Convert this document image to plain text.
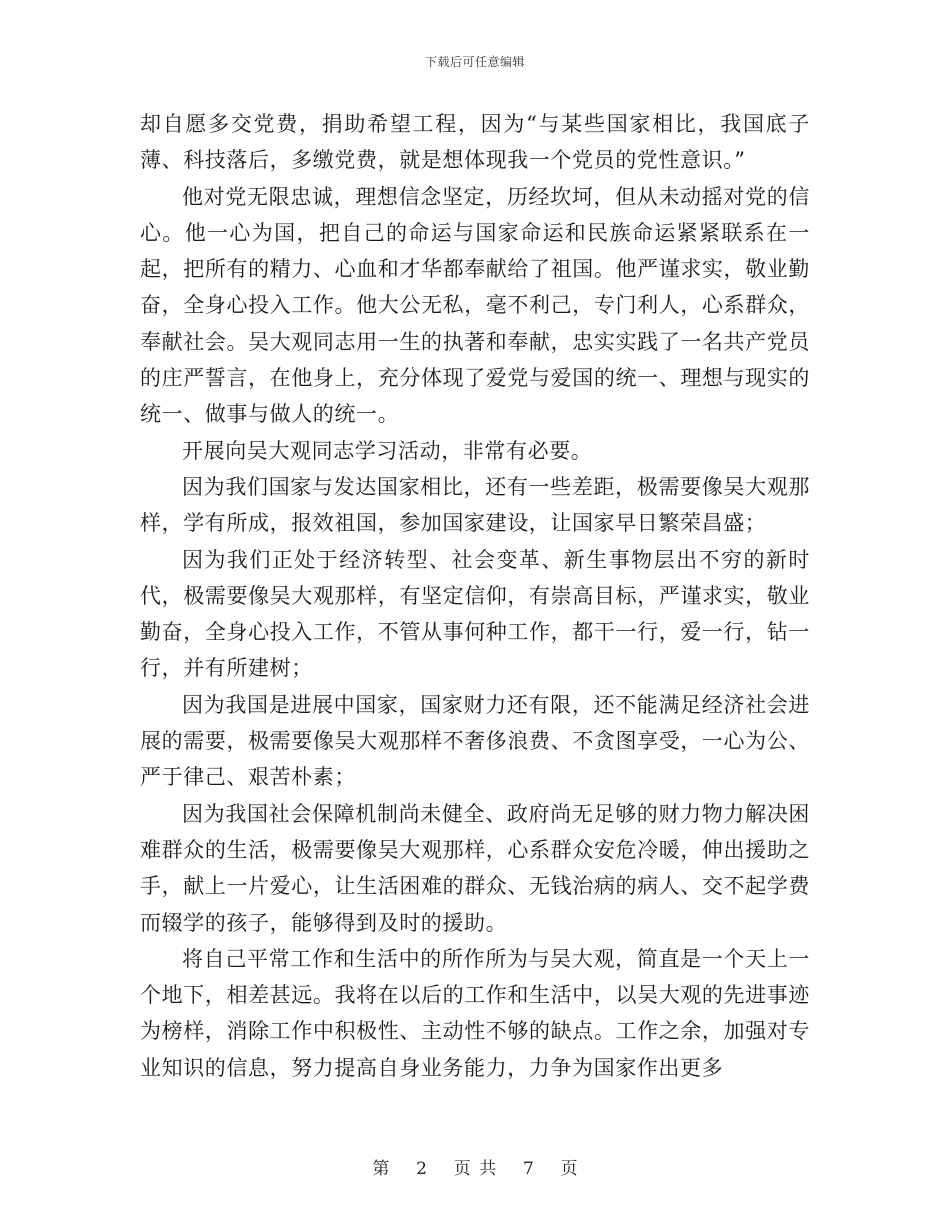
下载后可任意编辑

却自愿多交党费，捐助希望工程，因为“与某些国家相比，我国底子薄、科技落后，多缴党费，就是想体现我一个党员的党性意识。”

他对党无限忠诚，理想信念坚定，历经坎坷，但从未动摇对党的信心。他一心为国，把自己的命运与国家命运和民族命运紧紧联系在一起，把所有的精力、心血和才华都奉献给了祖国。他严谨求实，敬业勤奋，全身心投入工作。他大公无私，毫不利己，专门利人，心系群众，奉献社会。吴大观同志用一生的执著和奉献，忠实实践了一名共产党员的庄严誓言，在他身上，充分体现了爱党与爱国的统一、理想与现实的统一、做事与做人的统一。

开展向吴大观同志学习活动，非常有必要。

因为我们国家与发达国家相比，还有一些差距，极需要像吴大观那样，学有所成，报效祖国，参加国家建设，让国家早日繁荣昌盛；

因为我们正处于经济转型、社会变革、新生事物层出不穷的新时代，极需要像吴大观那样，有坚定信仰，有崇高目标，严谨求实，敬业勤奋，全身心投入工作，不管从事何种工作，都干一行，爱一行，钻一行，并有所建树；

因为我国是进展中国家，国家财力还有限，还不能满足经济社会进展的需要，极需要像吴大观那样不奢侈浪费、不贪图享受，一心为公、严于律己、艰苦朴素；

因为我国社会保障机制尚未健全、政府尚无足够的财力物力解决困难群众的生活，极需要像吴大观那样，心系群众安危冷暖，伸出援助之手，献上一片爱心，让生活困难的群众、无钱治病的病人、交不起学费而辍学的孩子，能够得到及时的援助。

将自己平常工作和生活中的所作所为与吴大观，简直是一个天上一个地下，相差甚远。我将在以后的工作和生活中，以吴大观的先进事迹为榜样，消除工作中积极性、主动性不够的缺点。工作之余，加强对专业知识的信息，努力提高自身业务能力，力争为国家作出更多

第 2 页 共 7 页
